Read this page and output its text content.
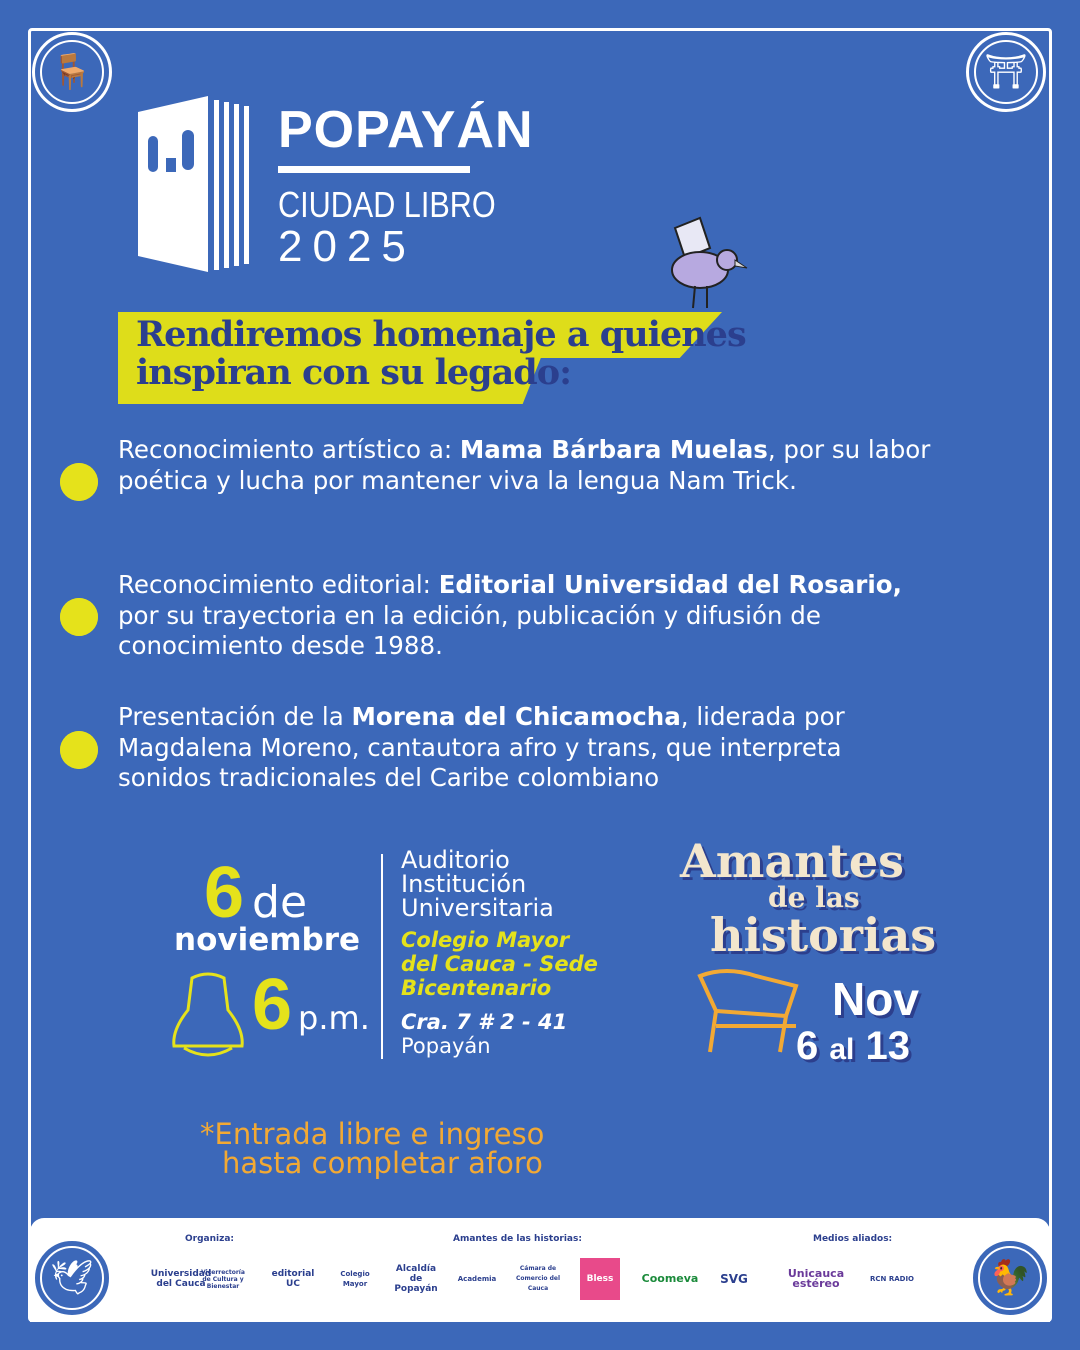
🪑	⛩
🕊	🐓
POPAYÁN
CIUDAD LIBRO
2025
Rendiremos homenaje a quienes
inspiran con su legado:
Reconocimiento artístico a: Mama Bárbara Muelas, por su labor poética y lucha por mantener viva la lengua Nam Trick.
Reconocimiento editorial: Editorial Universidad del Rosario, por su trayectoria en la edición, publicación y difusión de conocimiento desde 1988.
Presentación de la Morena del Chicamocha, liderada por Magdalena Moreno, cantautora afro y trans, que interpreta sonidos tradicionales del Caribe colombiano
6 de
noviembre
6 p.m.
Auditorio
Institución
Universitaria
Colegio Mayor
del Cauca - Sede
Bicentenario
Cra. 7 # 2 - 41
Popayán
Amantes
de las
historias
Nov
6 al 13
*Entrada libre e ingreso
hasta completar aforo
Organiza:	Amantes de las historias:	Medios aliados:
Universidad del Cauca
Vicerrectoría de Cultura y Bienestar
editorial UC
Colegio Mayor
Alcaldía de Popayán
Academia
Cámara de Comercio del Cauca
Bless	Coomeva	SVG	Unicauca estéreo	RCN RADIO
